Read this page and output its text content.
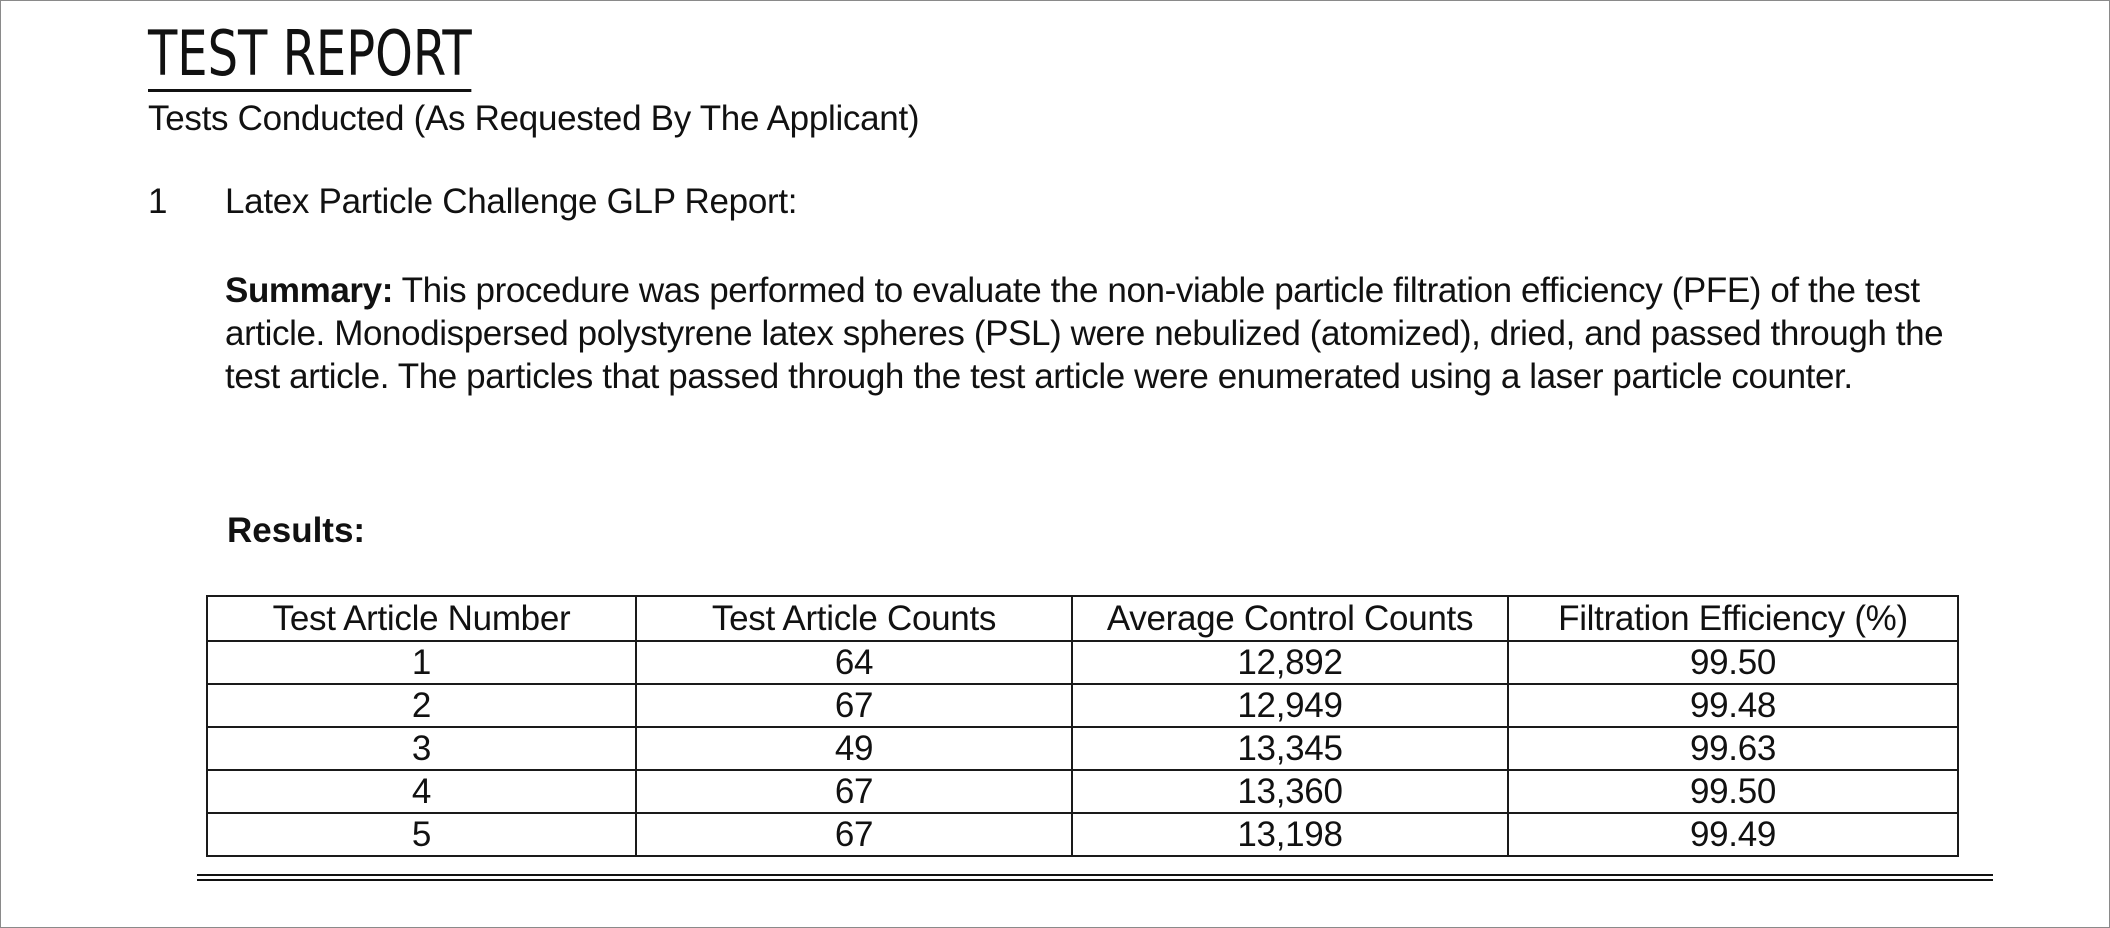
TEST REPORT
Tests Conducted (As Requested By The Applicant)
1 Latex Particle Challenge GLP Report:

Summary: This procedure was performed to evaluate the non-viable particle filtration efficiency (PFE) of the test article. Monodispersed polystyrene latex spheres (PSL) were nebulized (atomized), dried, and passed through the test article. The particles that passed through the test article were enumerated using a laser particle counter.

Results:
Test Article Number	Test Article Counts	Average Control Counts	Filtration Efficiency (%)
1	64	12,892	99.50
2	67	12,949	99.48
3	49	13,345	99.63
4	67	13,360	99.50
5	67	13,198	99.49
